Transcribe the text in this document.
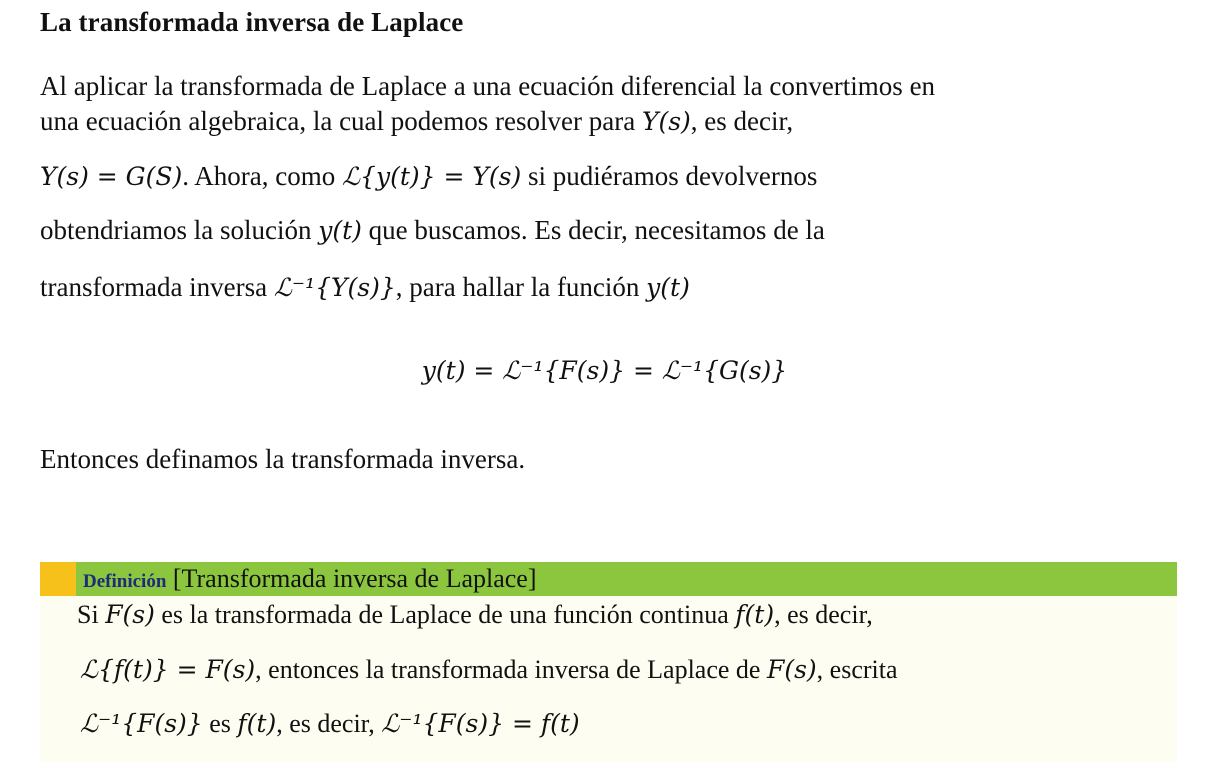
La transformada inversa de Laplace
Al aplicar la transformada de Laplace a una ecuación diferencial la convertimos en
una ecuación algebraica, la cual podemos resolver para Y(s), es decir,
Y(s) = G(S). Ahora, como ℒ{y(t)} = Y(s) si pudiéramos devolvernos
obtendriamos la solución y(t) que buscamos. Es decir, necesitamos de la
transformada inversa ℒ⁻¹{Y(s)}, para hallar la función y(t)
y(t) = ℒ⁻¹{F(s)} = ℒ⁻¹{G(s)}
Entonces definamos la transformada inversa.
Definición [Transformada inversa de Laplace]
Si F(s) es la transformada de Laplace de una función continua f(t), es decir,
ℒ{f(t)} = F(s), entonces la transformada inversa de Laplace de F(s), escrita
ℒ⁻¹{F(s)} es f(t), es decir, ℒ⁻¹{F(s)} = f(t)
